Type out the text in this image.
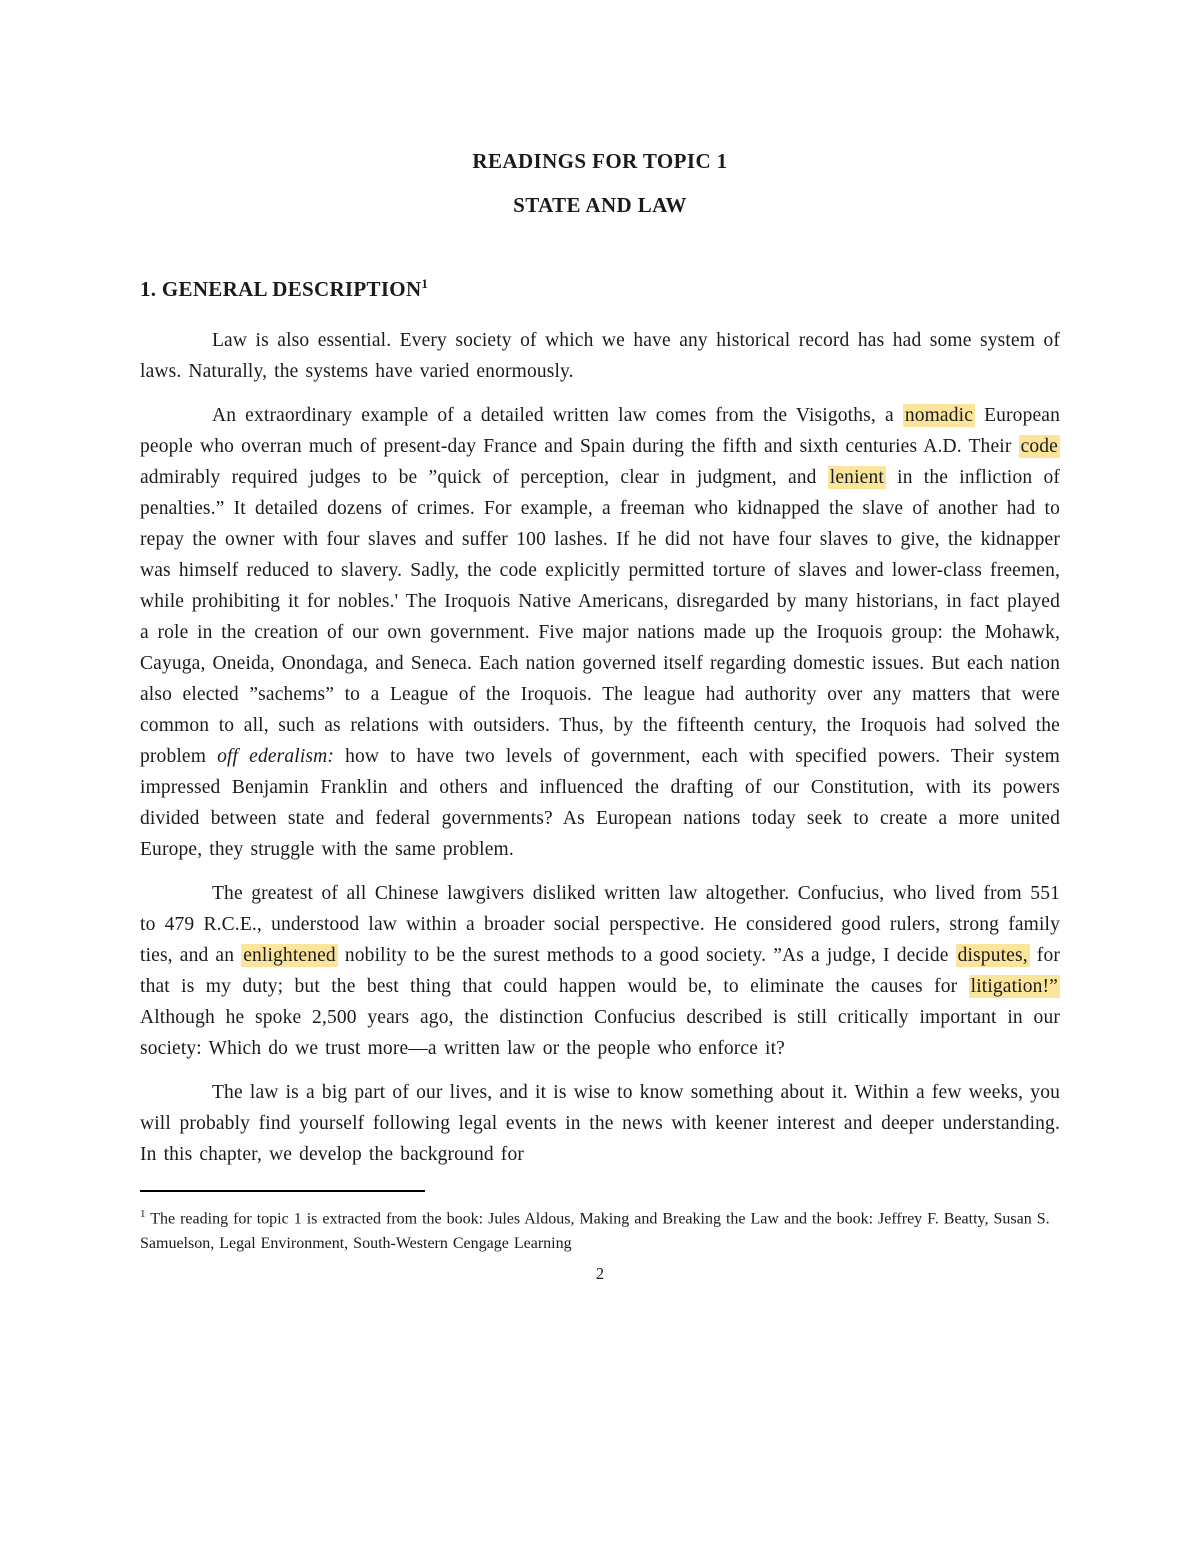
READINGS FOR TOPIC 1
STATE AND LAW
1. GENERAL DESCRIPTION$^1$

Law is also essential. Every society of which we have any historical record has had some system of laws. Naturally, the systems have varied enormously.

An extraordinary example of a detailed written law comes from the Visigoths, a nomadic European people who overran much of present-day France and Spain during the fifth and sixth centuries A.D. Their code admirably required judges to be ”quick of perception, clear in judgment, and lenient in the infliction of penalties.” It detailed dozens of crimes. For example, a freeman who kidnapped the slave of another had to repay the owner with four slaves and suffer 100 lashes. If he did not have four slaves to give, the kidnapper was himself reduced to slavery. Sadly, the code explicitly permitted torture of slaves and lower-class freemen, while prohibiting it for nobles.' The Iroquois Native Americans, disregarded by many historians, in fact played a role in the creation of our own government. Five major nations made up the Iroquois group: the Mohawk, Cayuga, Oneida, Onondaga, and Seneca. Each nation governed itself regarding domestic issues. But each nation also elected ”sachems” to a League of the Iroquois. The league had authority over any matters that were common to all, such as relations with outsiders. Thus, by the fifteenth century, the Iroquois had solved the problem off ederalism: how to have two levels of government, each with specified powers. Their system impressed Benjamin Franklin and others and influenced the drafting of our Constitution, with its powers divided between state and federal governments? As European nations today seek to create a more united Europe, they struggle with the same problem.

The greatest of all Chinese lawgivers disliked written law altogether. Confucius, who lived from 551 to 479 R.C.E., understood law within a broader social perspective. He considered good rulers, strong family ties, and an enlightened nobility to be the surest methods to a good society. ”As a judge, I decide disputes, for that is my duty; but the best thing that could happen would be, to eliminate the causes for litigation!” Although he spoke 2,500 years ago, the distinction Confucius described is still critically important in our society: Which do we trust more—a written law or the people who enforce it?

The law is a big part of our lives, and it is wise to know something about it. Within a few weeks, you will probably find yourself following legal events in the news with keener interest and deeper understanding. In this chapter, we develop the background for

$^1$ The reading for topic 1 is extracted from the book: Jules Aldous, Making and Breaking the Law and the book: Jeffrey F. Beatty, Susan S. Samuelson, Legal Environment, South-Western Cengage Learning

2
